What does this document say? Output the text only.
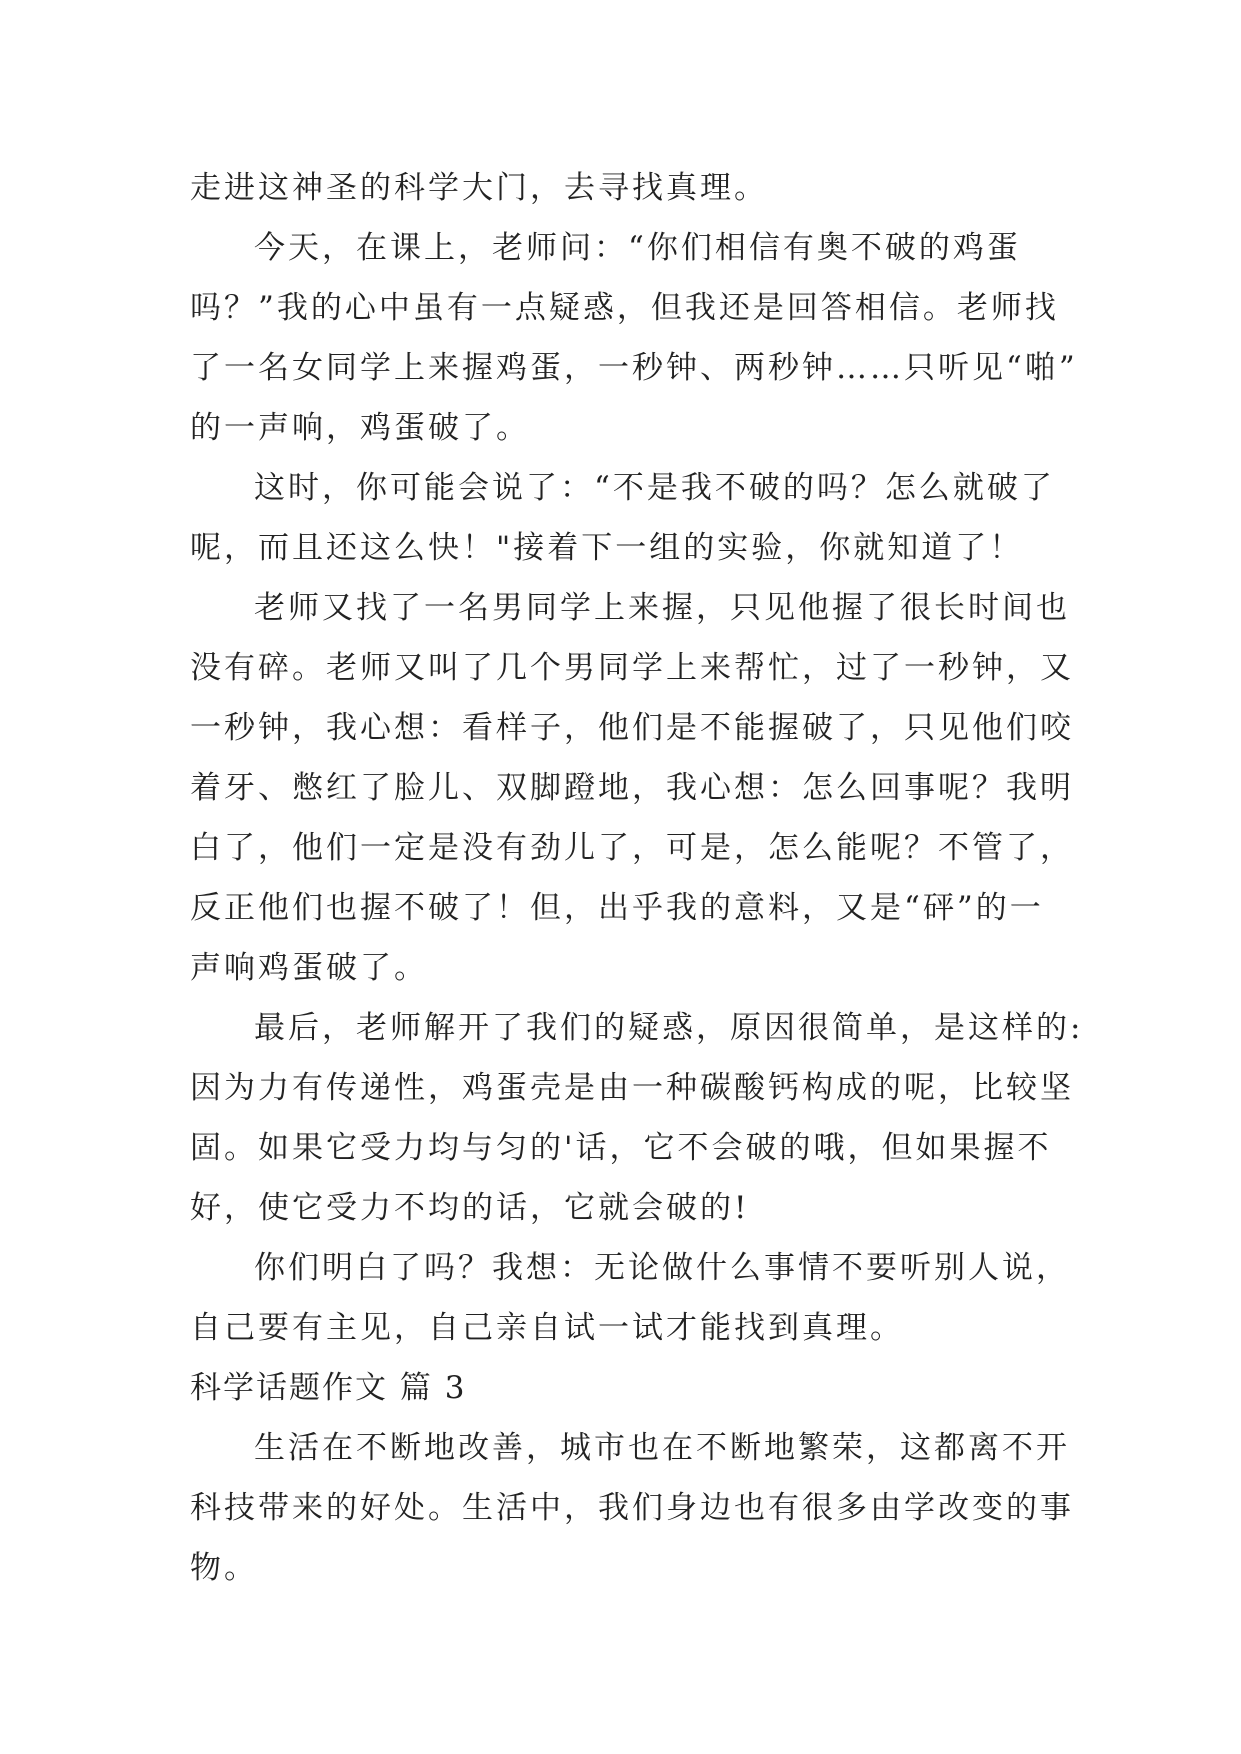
走进这神圣的科学大门，去寻找真理。
今天，在课上，老师问：“你们相信有奥不破的鸡蛋
吗？”我的心中虽有一点疑惑，但我还是回答相信。老师找
了一名女同学上来握鸡蛋，一秒钟、两秒钟……只听见“啪”
的一声响，鸡蛋破了。
这时，你可能会说了：“不是我不破的吗？怎么就破了
呢，而且还这么快！"接着下一组的实验，你就知道了！
老师又找了一名男同学上来握，只见他握了很长时间也
没有碎。老师又叫了几个男同学上来帮忙，过了一秒钟，又
一秒钟，我心想：看样子，他们是不能握破了，只见他们咬
着牙、憋红了脸儿、双脚蹬地，我心想：怎么回事呢？我明
白了，他们一定是没有劲儿了，可是，怎么能呢？不管了，
反正他们也握不破了！但，出乎我的意料，又是“砰”的一
声响鸡蛋破了。
最后，老师解开了我们的疑惑，原因很简单，是这样的:
因为力有传递性，鸡蛋壳是由一种碳酸钙构成的呢，比较坚
固。如果它受力均与匀的'话，它不会破的哦，但如果握不
好，使它受力不均的话，它就会破的!
你们明白了吗？我想：无论做什么事情不要听别人说，
自己要有主见，自己亲自试一试才能找到真理。
科学话题作文 篇 3
生活在不断地改善，城市也在不断地繁荣，这都离不开
科技带来的好处。生活中，我们身边也有很多由学改变的事
物。
